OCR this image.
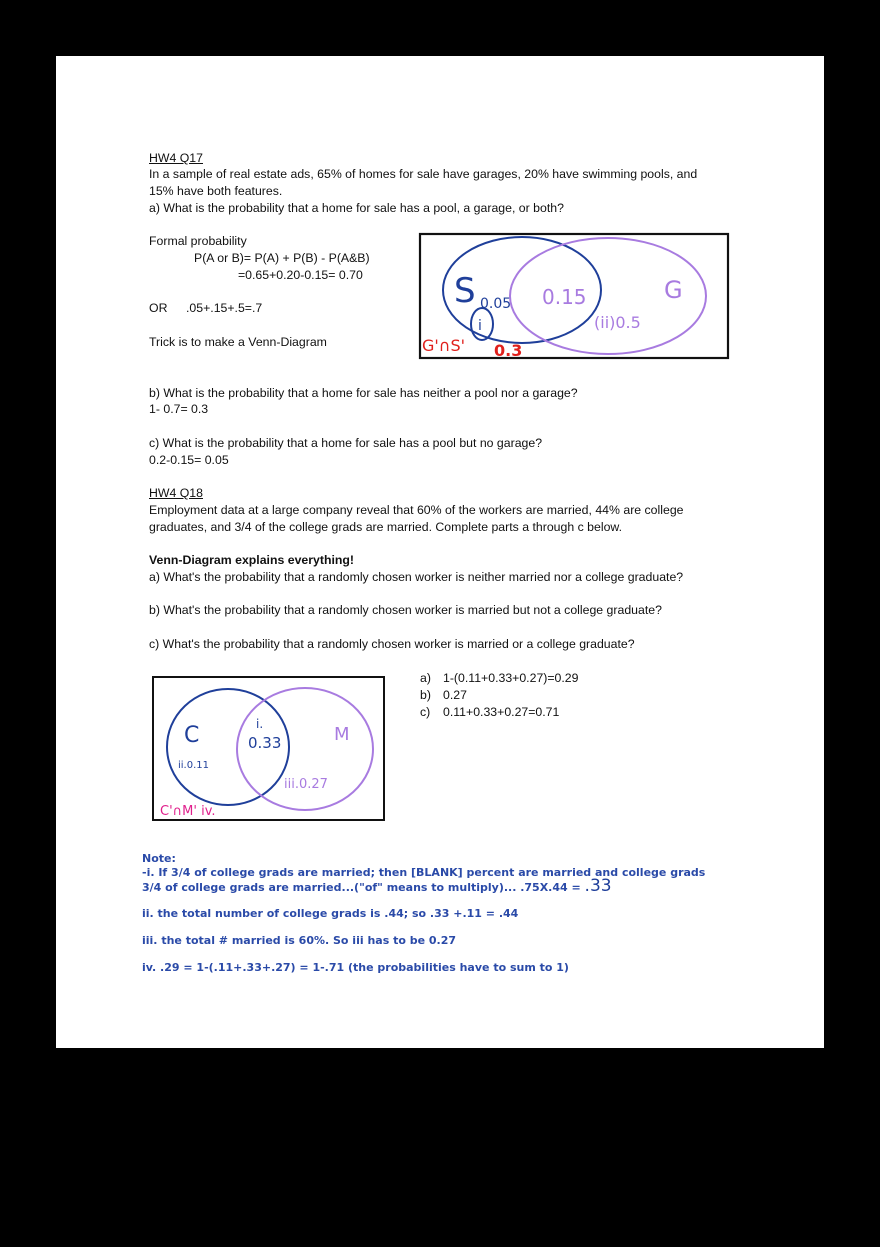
HW4 Q17
In a sample of real estate ads, 65% of homes for sale have garages, 20% have swimming pools, and
15% have both features.
a) What is the probability that a home for sale has a pool, a garage, or both?
Formal probability
P(A or B)= P(A) + P(B) - P(A&B)
=0.65+0.20-0.15= 0.70
OR .05+.15+.5=.7
Trick is to make a Venn-Diagram
S 0.05
i
0.15	G
(ii)0.5
G'∩S' 0.3
b) What is the probability that a home for sale has neither a pool nor a garage?
1- 0.7= 0.3
c) What is the probability that a home for sale has a pool but no garage?
0.2-0.15= 0.05
HW4 Q18
Employment data at a large company reveal that 60% of the workers are married, 44% are college
graduates, and 3/4 of the college grads are married. Complete parts a through c below.
Venn-Diagram explains everything!
a) What's the probability that a randomly chosen worker is neither married nor a college graduate?
b) What's the probability that a randomly chosen worker is married but not a college graduate?
c) What's the probability that a randomly chosen worker is married or a college graduate?
C
ii.0.11
i.
0.33	M
iii.0.27
C'∩M' iv.
a) 1-(0.11+0.33+0.27)=0.29
b) 0.27
c) 0.11+0.33+0.27=0.71
Note:
-i. If 3/4 of college grads are married; then [BLANK] percent are married and college grads
3/4 of college grads are married...("of" means to multiply)... .75X.44 = .33
ii. the total number of college grads is .44; so .33 +.11 = .44
iii. the total # married is 60%. So iii has to be 0.27
iv. .29 = 1-(.11+.33+.27) = 1-.71 (the probabilities have to sum to 1)
